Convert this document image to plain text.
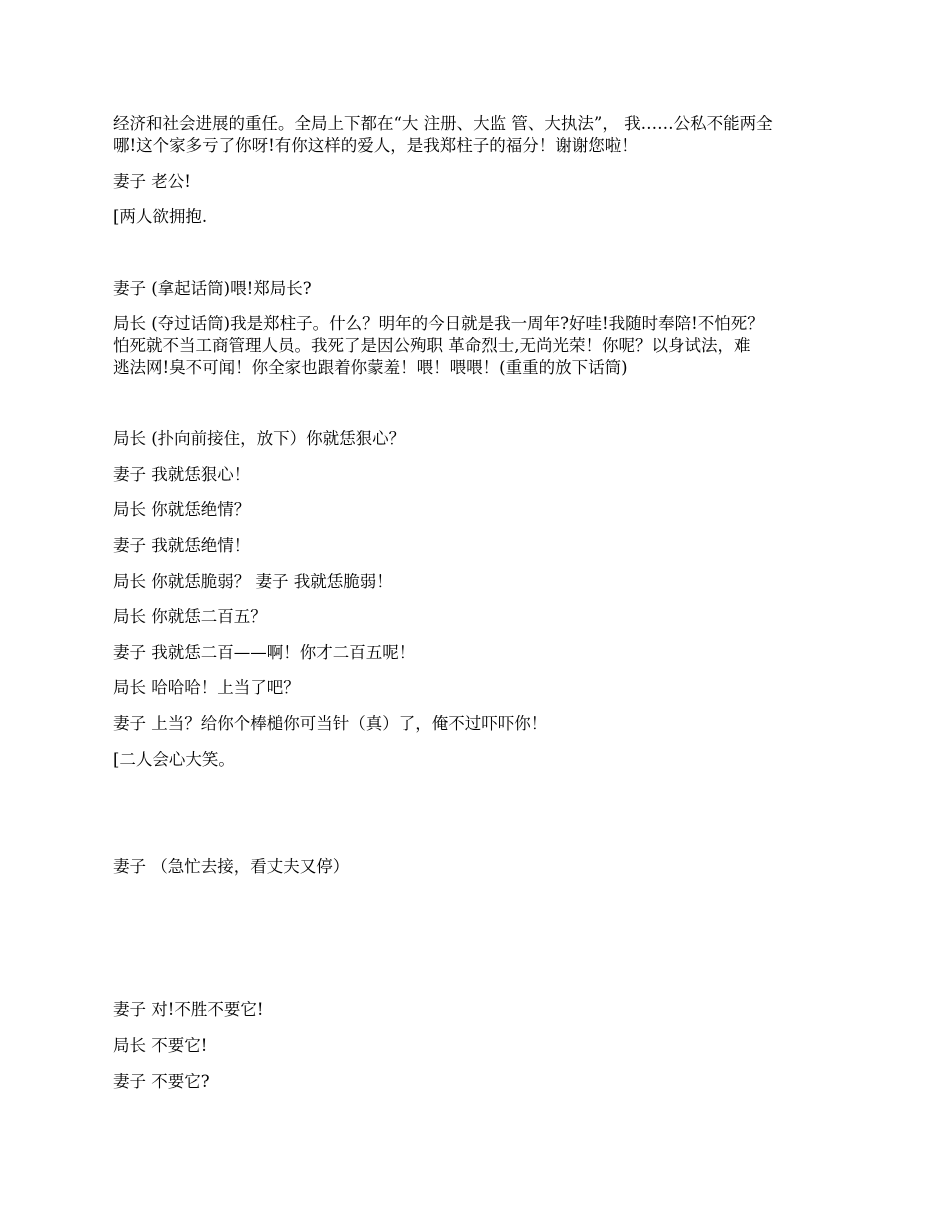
经济和社会进展的重任。全局上下都在“大 注册、大监 管、大执法”， 我……公私不能两全
哪!这个家多亏了你呀!有你这样的爱人，是我郑柱子的福分！谢谢您啦！
妻子 老公!
[两人欲拥抱.
妻子 (拿起话筒)喂!郑局长?
局长 (夺过话筒)我是郑柱子。什么？明年的今日就是我一周年?好哇!我随时奉陪!不怕死？
怕死就不当工商管理人员。我死了是因公殉职 革命烈士,无尚光荣！你呢？以身试法，难
逃法网!臭不可闻！你全家也跟着你蒙羞！喂！喂喂！(重重的放下话筒)
局长 (扑向前接住，放下）你就恁狠心？
妻子 我就恁狠心！
局长 你就恁绝情？
妻子 我就恁绝情！
局长 你就恁脆弱？ 妻子 我就恁脆弱！
局长 你就恁二百五？
妻子 我就恁二百——啊！你才二百五呢！
局长 哈哈哈！上当了吧？
妻子 上当？给你个棒槌你可当针（真）了，俺不过吓吓你！
[二人会心大笑。
妻子 （急忙去接，看丈夫又停）
妻子 对!不胜不要它!
局长 不要它!
妻子 不要它?
